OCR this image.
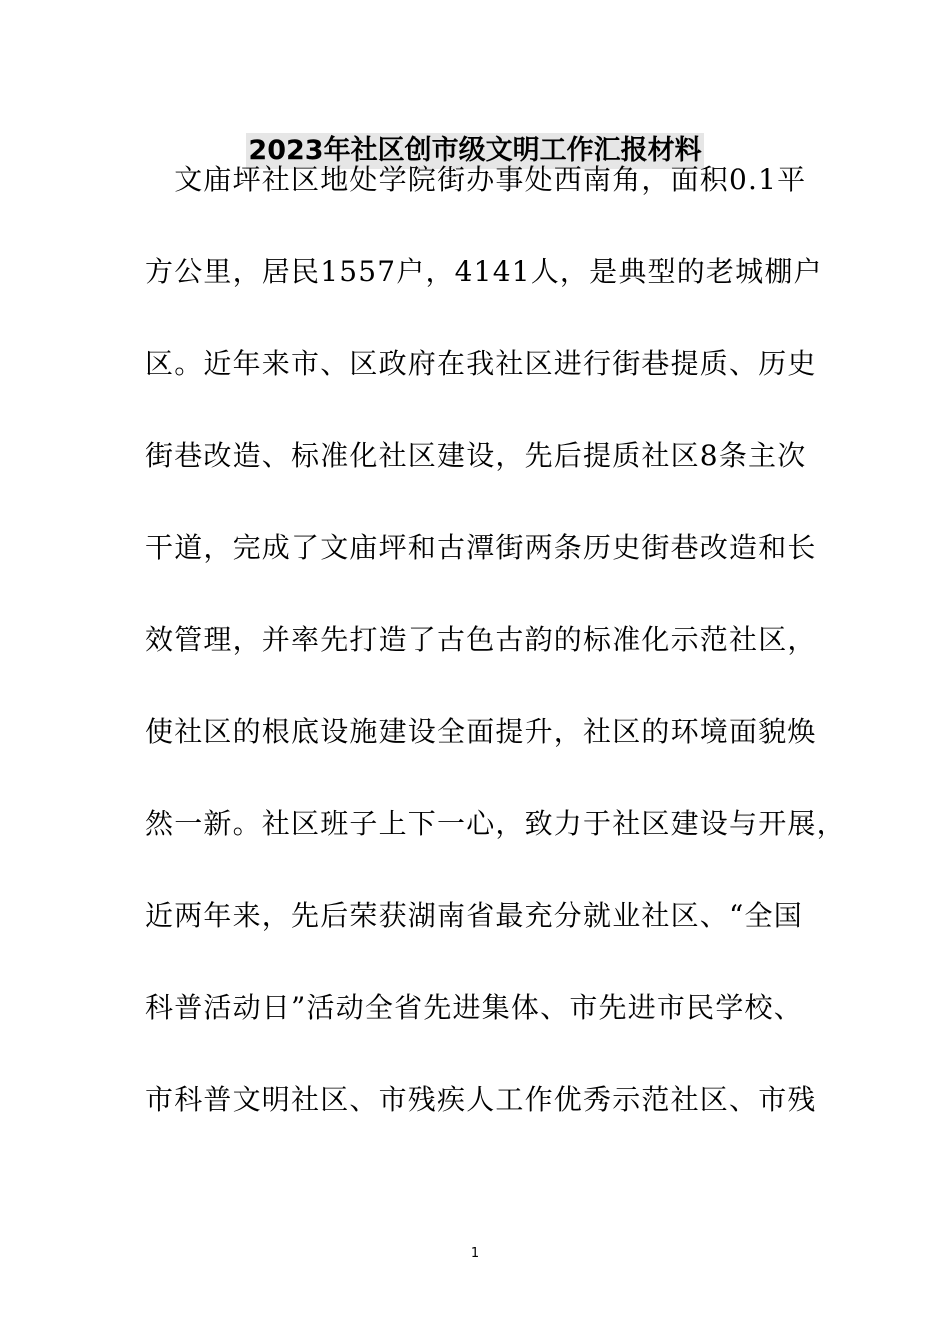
2023年社区创市级文明工作汇报材料
　文庙坪社区地处学院街办事处西南角，面积0.1平
方公里，居民1557户，4141人，是典型的老城棚户
区。近年来市、区政府在我社区进行街巷提质、历史
街巷改造、标准化社区建设，先后提质社区8条主次
干道，完成了文庙坪和古潭街两条历史街巷改造和长
效管理，并率先打造了古色古韵的标准化示范社区，
使社区的根底设施建设全面提升，社区的环境面貌焕
然一新。社区班子上下一心，致力于社区建设与开展，
近两年来，先后荣获湖南省最充分就业社区、“全国
科普活动日”活动全省先进集体、市先进市民学校、
市科普文明社区、市残疾人工作优秀示范社区、市残
1
